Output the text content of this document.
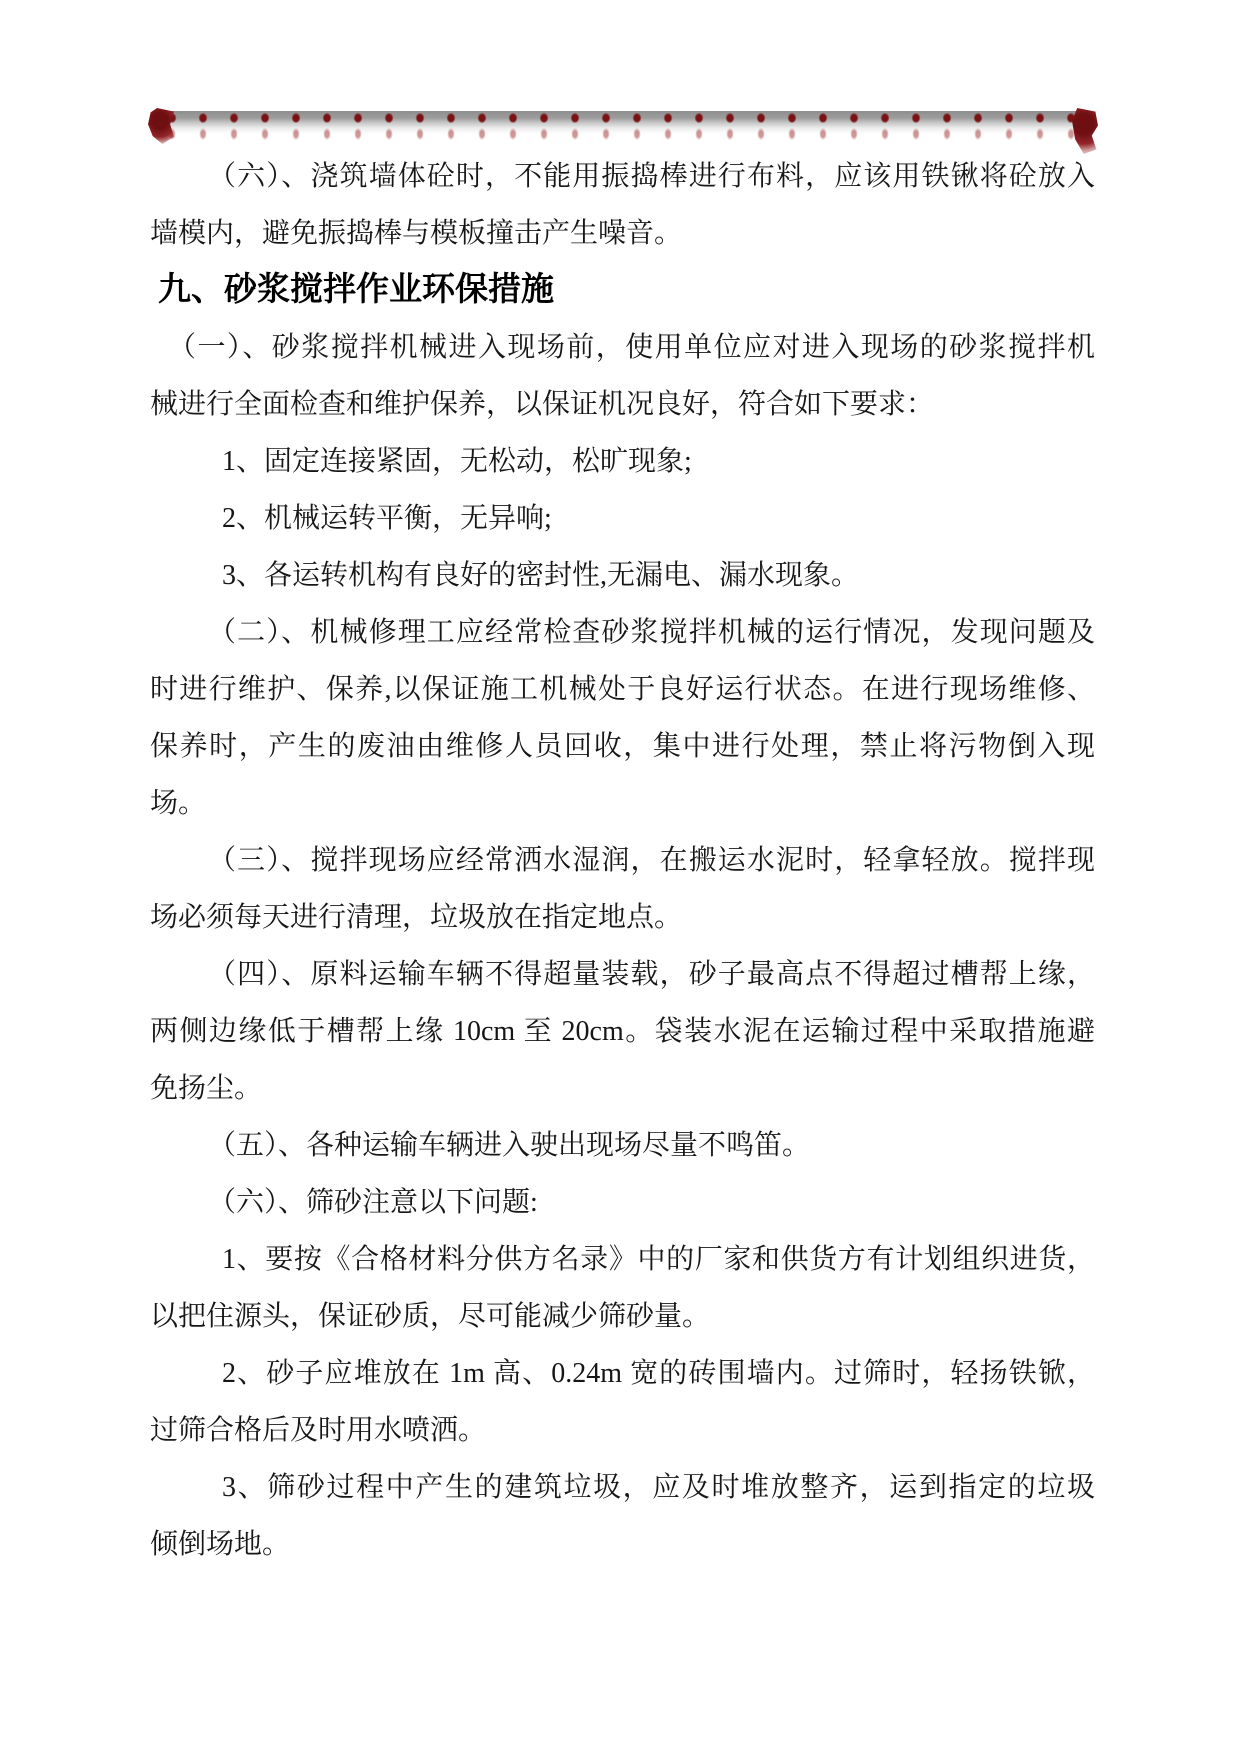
（六）、浇筑墙体砼时，不能用振捣棒进行布料，应该用铁锹将砼放入
墙模内，避免振捣棒与模板撞击产生噪音。
九、砂浆搅拌作业环保措施
（一）、砂浆搅拌机械进入现场前，使用单位应对进入现场的砂浆搅拌机
械进行全面检查和维护保养，以保证机况良好，符合如下要求：
1、固定连接紧固，无松动，松旷现象;
2、机械运转平衡，无异响;
3、各运转机构有良好的密封性,无漏电、漏水现象。
（二）、机械修理工应经常检查砂浆搅拌机械的运行情况，发现问题及
时进行维护、保养,以保证施工机械处于良好运行状态。在进行现场维修、
保养时，产生的废油由维修人员回收，集中进行处理，禁止将污物倒入现
场。
（三）、搅拌现场应经常洒水湿润，在搬运水泥时，轻拿轻放。搅拌现
场必须每天进行清理，垃圾放在指定地点。
（四）、原料运输车辆不得超量装载，砂子最高点不得超过槽帮上缘，
两侧边缘低于槽帮上缘 10cm 至 20cm。袋装水泥在运输过程中采取措施避
免扬尘。
（五）、各种运输车辆进入驶出现场尽量不鸣笛。
（六）、筛砂注意以下问题:
1、要按《合格材料分供方名录》中的厂家和供货方有计划组织进货，
以把住源头，保证砂质，尽可能减少筛砂量。
2、砂子应堆放在 1m 高、0.24m 宽的砖围墙内。过筛时，轻扬铁锨，
过筛合格后及时用水喷洒。
3、筛砂过程中产生的建筑垃圾，应及时堆放整齐，运到指定的垃圾
倾倒场地。
